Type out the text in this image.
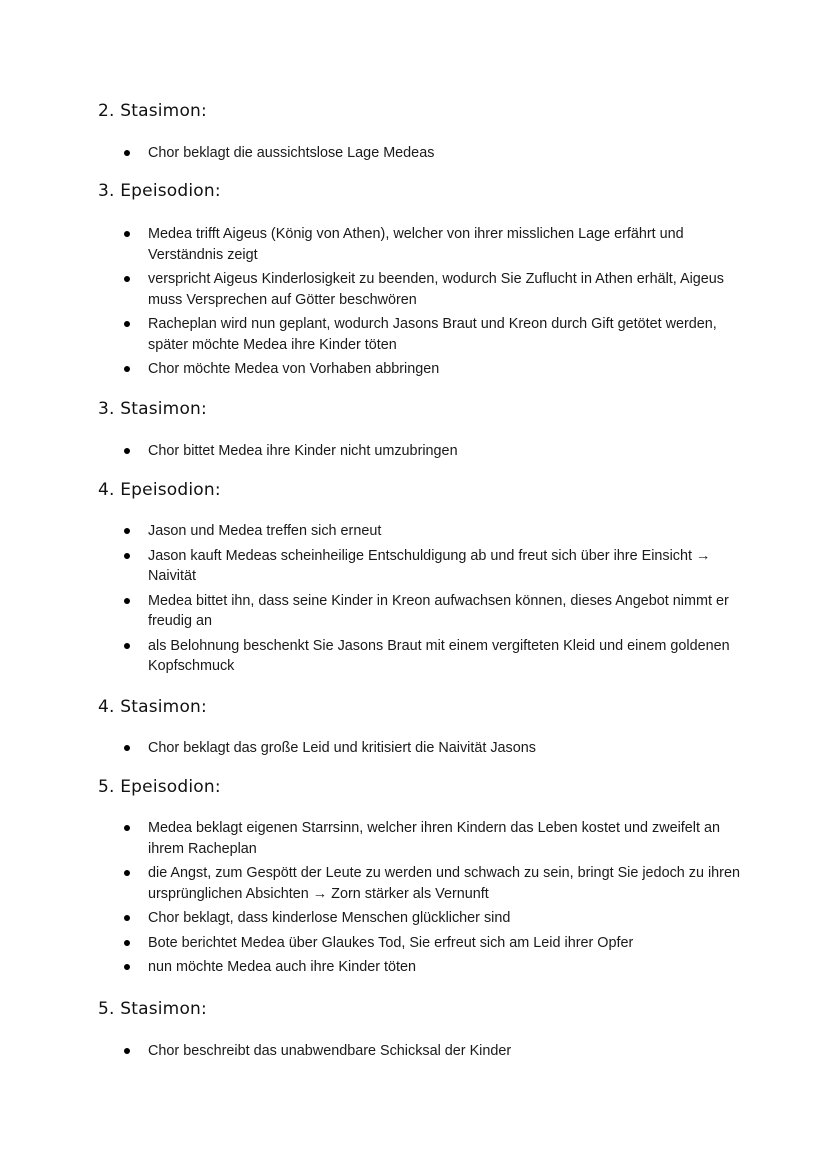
2. Stasimon:
Chor beklagt die aussichtslose Lage Medeas
3. Epeisodion:
Medea trifft Aigeus (König von Athen), welcher von ihrer misslichen Lage erfährt und Verständnis zeigt
verspricht Aigeus Kinderlosigkeit zu beenden, wodurch Sie Zuflucht in Athen erhält, Aigeus muss Versprechen auf Götter beschwören
Racheplan wird nun geplant, wodurch Jasons Braut und Kreon durch Gift getötet werden, später möchte Medea ihre Kinder töten
Chor möchte Medea von Vorhaben abbringen
3. Stasimon:
Chor bittet Medea ihre Kinder nicht umzubringen
4. Epeisodion:
Jason und Medea treffen sich erneut
Jason kauft Medeas scheinheilige Entschuldigung ab und freut sich über ihre Einsicht → Naivität
Medea bittet ihn, dass seine Kinder in Kreon aufwachsen können, dieses Angebot nimmt er freudig an
als Belohnung beschenkt Sie Jasons Braut mit einem vergifteten Kleid und einem goldenen Kopfschmuck
4. Stasimon:
Chor beklagt das große Leid und kritisiert die Naivität Jasons
5. Epeisodion:
Medea beklagt eigenen Starrsinn, welcher ihren Kindern das Leben kostet und zweifelt an ihrem Racheplan
die Angst, zum Gespött der Leute zu werden und schwach zu sein, bringt Sie jedoch zu ihren ursprünglichen Absichten → Zorn stärker als Vernunft
Chor beklagt, dass kinderlose Menschen glücklicher sind
Bote berichtet Medea über Glaukes Tod, Sie erfreut sich am Leid ihrer Opfer
nun möchte Medea auch ihre Kinder töten
5. Stasimon:
Chor beschreibt das unabwendbare Schicksal der Kinder
